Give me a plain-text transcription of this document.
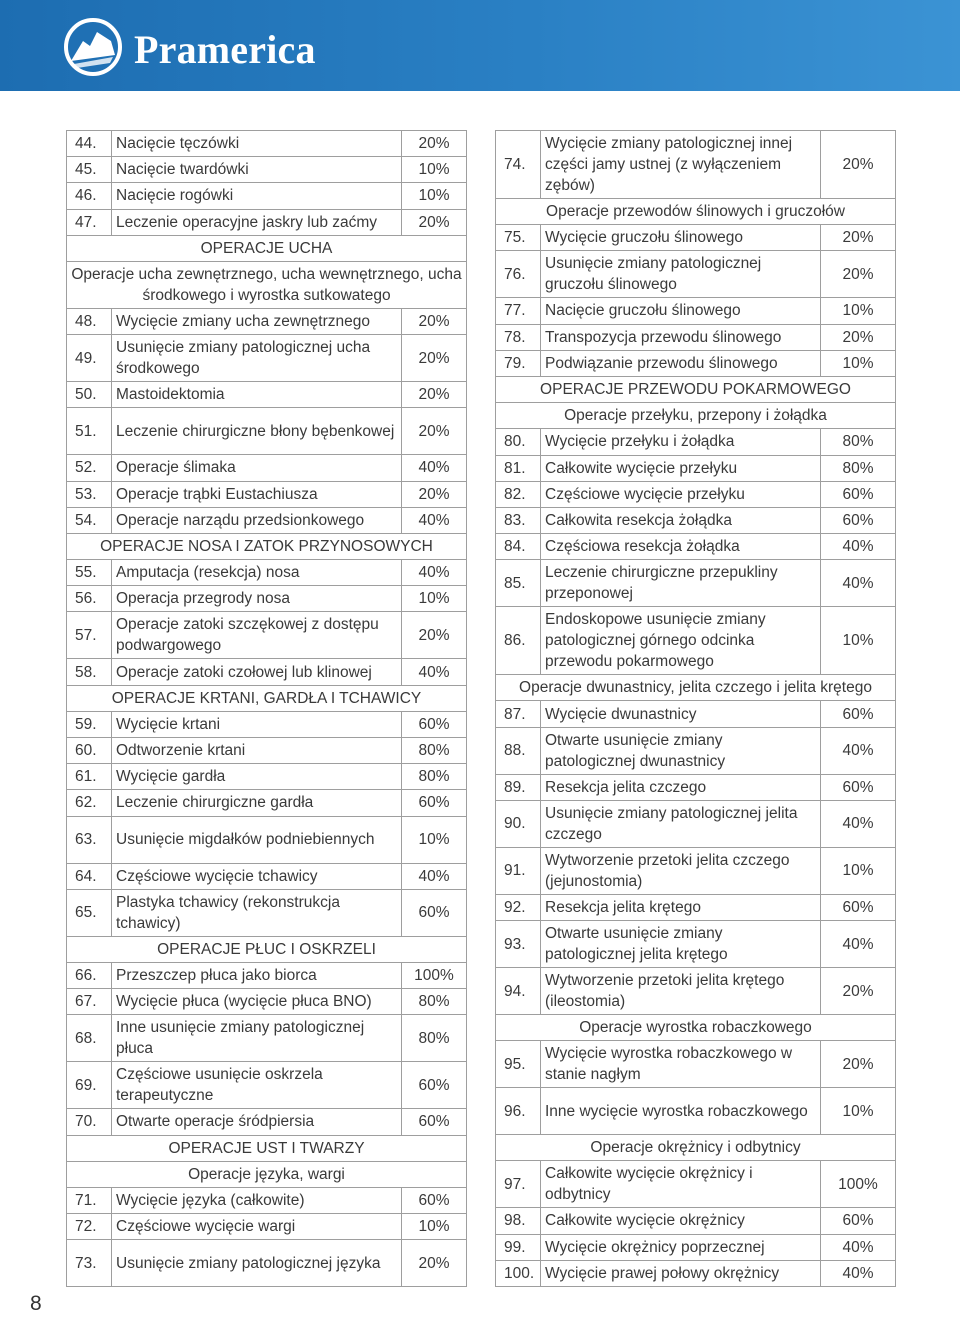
Pramerica
44.	Nacięcie tęczówki	20%
45.	Nacięcie twardówki	10%
46.	Nacięcie rogówki	10%
47.	Leczenie operacyjne jaskry lub zaćmy	20%
OPERACJE UCHA		
Operacje ucha zewnętrznego, ucha wewnętrznego, ucha środkowego i wyrostka sutkowatego		
48.	Wycięcie zmiany ucha zewnętrznego	20%
49.	Usunięcie zmiany patologicznej ucha środkowego	20%
50.	Mastoidektomia	20%
51.	Leczenie chirurgiczne błony bębenkowej	20%
52.	Operacje ślimaka	40%
53.	Operacje trąbki Eustachiusza	20%
54.	Operacje narządu przedsionkowego	40%
OPERACJE NOSA I ZATOK PRZYNOSOWYCH		
55.	Amputacja (resekcja) nosa	40%
56.	Operacja przegrody nosa	10%
57.	Operacje zatoki szczękowej z dostępu podwargowego	20%
58.	Operacje zatoki czołowej lub klinowej	40%
OPERACJE KRTANI, GARDŁA I TCHAWICY		
59.	Wycięcie krtani	60%
60.	Odtworzenie krtani	80%
61.	Wycięcie gardła	80%
62.	Leczenie chirurgiczne gardła	60%
63.	Usunięcie migdałków podniebiennych	10%
64.	Częściowe wycięcie tchawicy	40%
65.	Plastyka tchawicy (rekonstrukcja tchawicy)	60%
OPERACJE PŁUC I OSKRZELI		
66.	Przeszczep płuca jako biorca	100%
67.	Wycięcie płuca (wycięcie płuca BNO)	80%
68.	Inne usunięcie zmiany patologicznej płuca	80%
69.	Częściowe usunięcie oskrzela terapeutyczne	60%
70.	Otwarte operacje śródpiersia	60%
OPERACJE UST I TWARZY		
Operacje języka, wargi		
71.	Wycięcie języka (całkowite)	60%
72.	Częściowe wycięcie wargi	10%
73.	Usunięcie zmiany patologicznej języka	20%
74.	Wycięcie zmiany patologicznej innej części jamy ustnej (z wyłączeniem zębów)	20%
Operacje przewodów ślinowych i gruczołów		
75.	Wycięcie gruczołu ślinowego	20%
76.	Usunięcie zmiany patologicznej gruczołu ślinowego	20%
77.	Nacięcie gruczołu ślinowego	10%
78.	Transpozycja przewodu ślinowego	20%
79.	Podwiązanie przewodu ślinowego	10%
OPERACJE PRZEWODU POKARMOWEGO		
Operacje przełyku, przepony i żołądka		
80.	Wycięcie przełyku i żołądka	80%
81.	Całkowite wycięcie przełyku	80%
82.	Częściowe wycięcie przełyku	60%
83.	Całkowita resekcja żołądka	60%
84.	Częściowa resekcja żołądka	40%
85.	Leczenie chirurgiczne przepukliny przeponowej	40%
86.	Endoskopowe usunięcie zmiany patologicznej górnego odcinka przewodu pokarmowego	10%
Operacje dwunastnicy, jelita czczego i jelita krętego		
87.	Wycięcie dwunastnicy	60%
88.	Otwarte usunięcie zmiany patologicznej dwunastnicy	40%
89.	Resekcja jelita czczego	60%
90.	Usunięcie zmiany patologicznej jelita czczego	40%
91.	Wytworzenie przetoki jelita czczego (jejunostomia)	10%
92.	Resekcja jelita krętego	60%
93.	Otwarte usunięcie zmiany patologicznej jelita krętego	40%
94.	Wytworzenie przetoki jelita krętego (ileostomia)	20%
Operacje wyrostka robaczkowego		
95.	Wycięcie wyrostka robaczkowego w stanie nagłym	20%
96.	Inne wycięcie wyrostka robaczkowego	10%
Operacje okrężnicy i odbytnicy		
97.	Całkowite wycięcie okrężnicy i odbytnicy	100%
98.	Całkowite wycięcie okrężnicy	60%
99.	Wycięcie okrężnicy poprzecznej	40%
100.	Wycięcie prawej połowy okrężnicy	40%
8
